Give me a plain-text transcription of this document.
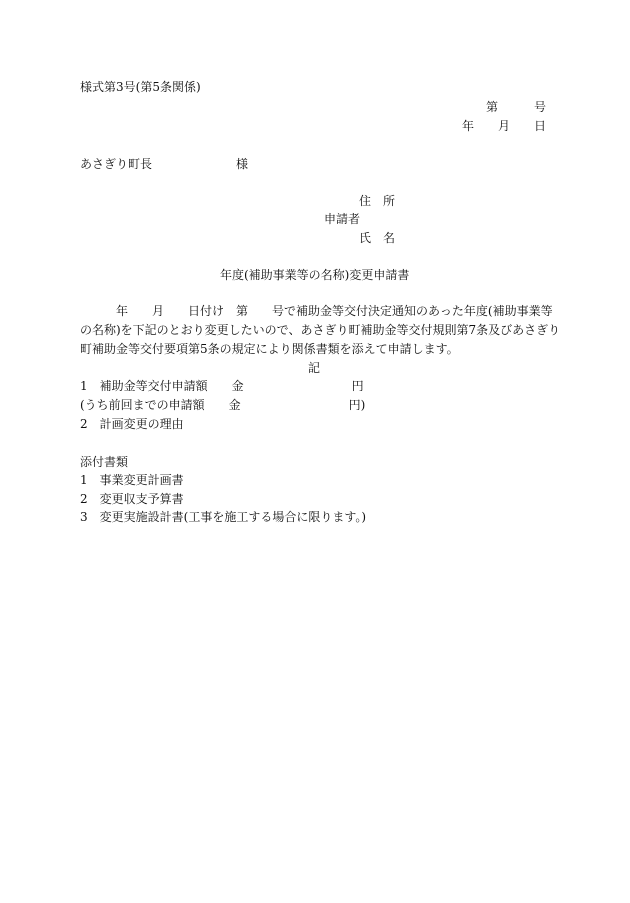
様式第3号(第5条関係)
第　　　号
年　　月　　日
あさぎり町長　　　　　　　様
住　所
申請者
氏　名
年度(補助事業等の名称)変更申請書
　　　年　　月　　日付け　第　　号で補助金等交付決定通知のあった年度(補助事業等
の名称)を下記のとおり変更したいので、あさぎり町補助金等交付規則第7条及びあさぎり
町補助金等交付要項第5条の規定により関係書類を添えて申請します。
記
1　補助金等交付申請額　　金　　　　　　　　　円
(うち前回までの申請額　　金　　　　　　　　　円)
2　計画変更の理由
添付書類
1　事業変更計画書
2　変更収支予算書
3　変更実施設計書(工事を施工する場合に限ります。)
